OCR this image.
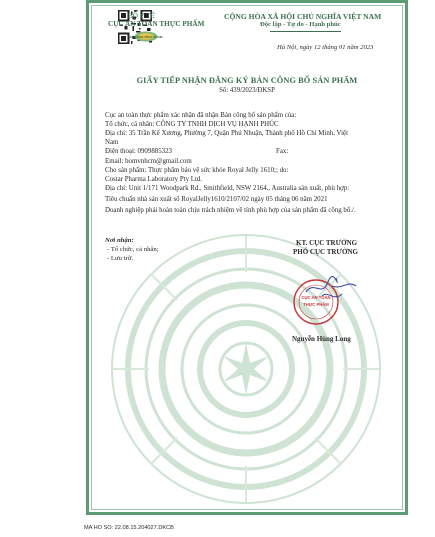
BỘ Y TẾ
CỤC AN TOÀN THỰC PHẨM
AN TOÀN THỰC PHẨM
CỘNG HÒA XÃ HỘI CHỦ NGHĨA VIỆT NAM
Độc lập - Tự do - Hạnh phúc
Hà Nội, ngày 12 tháng 01 năm 2023
GIẤY TIẾP NHẬN ĐĂNG KÝ BẢN CÔNG BỐ SẢN PHẨM
Số: 439/2023/ĐKSP
Cục an toàn thực phẩm xác nhận đã nhận Bản công bố sản phẩm của:
Tổ chức, cá nhân: CÔNG TY TNHH DỊCH VỤ HẠNH PHÚC
Địa chỉ: 35 Trần Kế Xương, Phường 7, Quận Phú Nhuận, Thành phố Hồ Chí Minh, Việt
Nam
Điện thoại: 0909885323	Fax:
Email: bomvnhcm@gmail.com
Cho sản phẩm: Thực phẩm bảo vệ sức khỏe Royal Jelly 1610;; do:
Costar Pharma Laboratory Pty Ltd.
Địa chỉ: Unit 1/171 Woodpark Rd., Smithfield, NSW 2164., Australia sản xuất, phù hợp:
Tiêu chuẩn nhà sản xuất số RoyalJelly1610/2107/02 ngày 05 tháng 06 năm 2021
Doanh nghiệp phải hoàn toàn chịu trách nhiệm về tính phù hợp của sản phẩm đã công bố./.
Nơi nhận:
- Tổ chức, cá nhân;
- Lưu trữ.
KT. CỤC TRƯỞNG
PHÓ CỤC TRƯỞNG
CỤC AN TOÀN
THỰC PHẨM
Nguyễn Hùng Long
MA HO SO: 22.08.15.204027.DKCB
